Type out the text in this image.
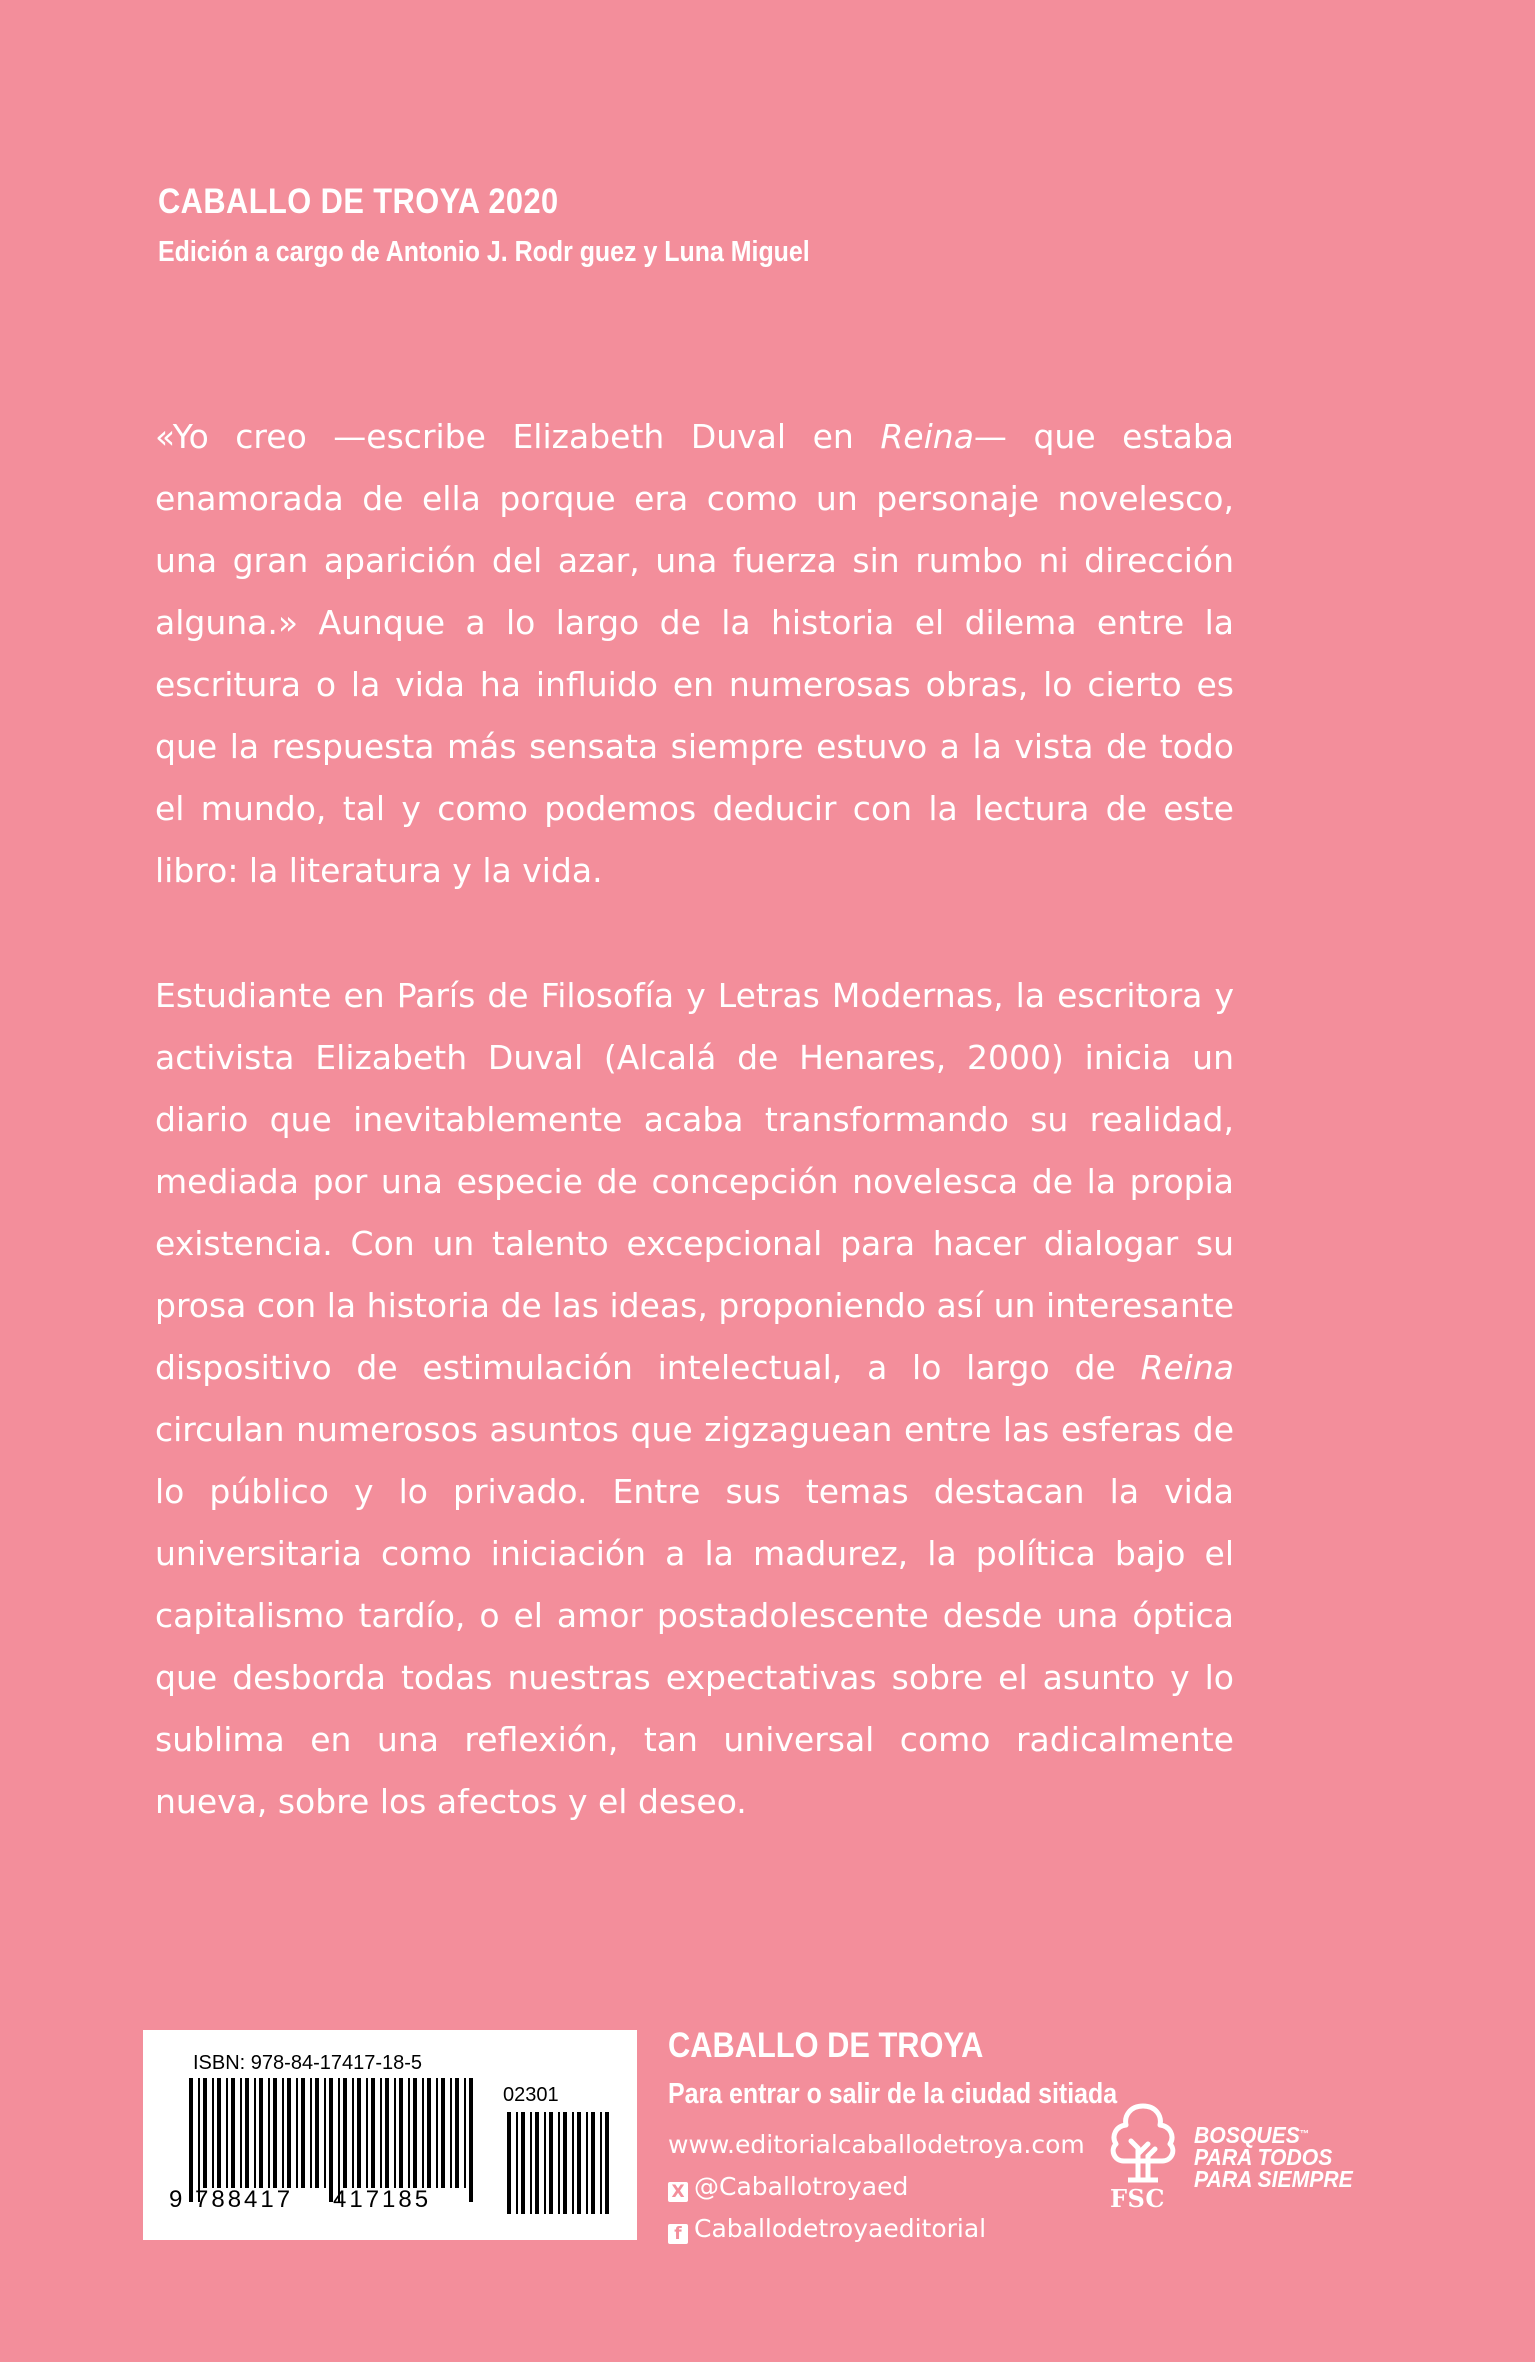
CABALLO DE TROYA 2020
Edición a cargo de Antonio J. Rodr guez y Luna Miguel

«Yo creo —escribe Elizabeth Duval en Reina— que estaba enamorada de ella porque era como un personaje novelesco, una gran aparición del azar, una fuerza sin rumbo ni dirección alguna.» Aunque a lo largo de la historia el dilema entre la escritura o la vida ha influido en numerosas obras, lo cierto es que la respuesta más sensata siempre estuvo a la vista de todo el mundo, tal y como podemos deducir con la lectura de este libro: la literatura y la vida.

Estudiante en París de Filosofía y Letras Modernas, la escritora y activista Elizabeth Duval (Alcalá de Henares, 2000) inicia un diario que inevitablemente acaba transformando su realidad, mediada por una especie de concepción novelesca de la propia existencia. Con un talento excepcional para hacer dialogar su prosa con la historia de las ideas, proponiendo así un interesante dispositivo de estimulación intelectual, a lo largo de Reina circulan numerosos asuntos que zigzaguean entre las esferas de lo público y lo privado. Entre sus temas destacan la vida universitaria como iniciación a la madurez, la política bajo el capitalismo tardío, o el amor postadolescente desde una óptica que desborda todas nuestras expectativas sobre el asunto y lo sublima en una reflexión, tan universal como radicalmente nueva, sobre los afectos y el deseo.

ISBN: 978-84-17417-18-5
02301
9 788417 417185
CABALLO DE TROYA
Para entrar o salir de la ciudad sitiada
www.editorialcaballodetroya.com
X @Caballotroyaed
f Caballodetroyaeditorial
FSC
BOSQUES™
PARA TODOS
PARA SIEMPRE
